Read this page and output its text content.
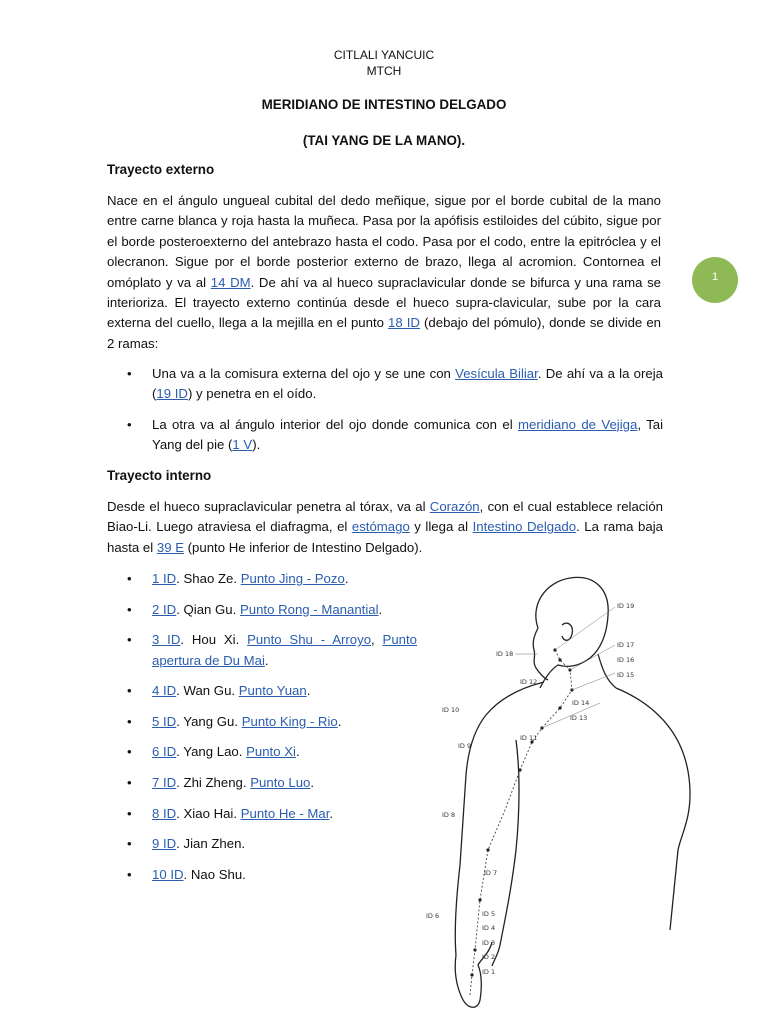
CITLALI YANCUIC
MTCH
MERIDIANO DE INTESTINO DELGADO
(TAI YANG DE LA MANO).
1
Trayecto externo

Nace en el ángulo ungueal cubital del dedo meñique, sigue por el borde cubital de la mano entre carne blanca y roja hasta la muñeca. Pasa por la apófisis estiloides del cúbito, sigue por el borde posteroexterno del antebrazo hasta el codo. Pasa por el codo, entre la epitróclea y el olecranon. Sigue por el borde posterior externo de brazo, llega al acromion. Contornea el omóplato y va al 14 DM. De ahí va al hueco supraclavicular donde se bifurca y una rama se interioriza. El trayecto externo continúa desde el hueco supra-clavicular, sube por la cara externa del cuello, llega a la mejilla en el punto 18 ID (debajo del pómulo), donde se divide en 2 ramas:

• Una va a la comisura externa del ojo y se une con Vesícula Biliar. De ahí va a la oreja (19 ID) y penetra en el oído.
• La otra va al ángulo interior del ojo donde comunica con el meridiano de Vejiga, Tai Yang del pie (1 V).
Trayecto interno

Desde el hueco supraclavicular penetra al tórax, va al Corazón, con el cual establece relación Biao-Li. Luego atraviesa el diafragma, el estómago y llega al Intestino Delgado. La rama baja hasta el 39 E (punto He inferior de Intestino Delgado).

• 1 ID. Shao Ze. Punto Jing - Pozo.
• 2 ID. Qian Gu. Punto Rong - Manantial.
• 3 ID. Hou Xi. Punto Shu - Arroyo, Punto apertura de Du Mai.
• 4 ID. Wan Gu. Punto Yuan.
• 5 ID. Yang Gu. Punto King - Rio.
• 6 ID. Yang Lao. Punto Xi.
• 7 ID. Zhi Zheng. Punto Luo.
• 8 ID. Xiao Hai. Punto He - Mar.
• 9 ID. Jian Zhen.
• 10 ID. Nao Shu.
ID 19
ID 17
ID 16
ID 15
ID 18
ID 12
ID 14
ID 13
ID 10
ID 11
ID 9
ID 8
ID 7
ID 6	ID 5
ID 4
ID 3
ID 2
ID 1
